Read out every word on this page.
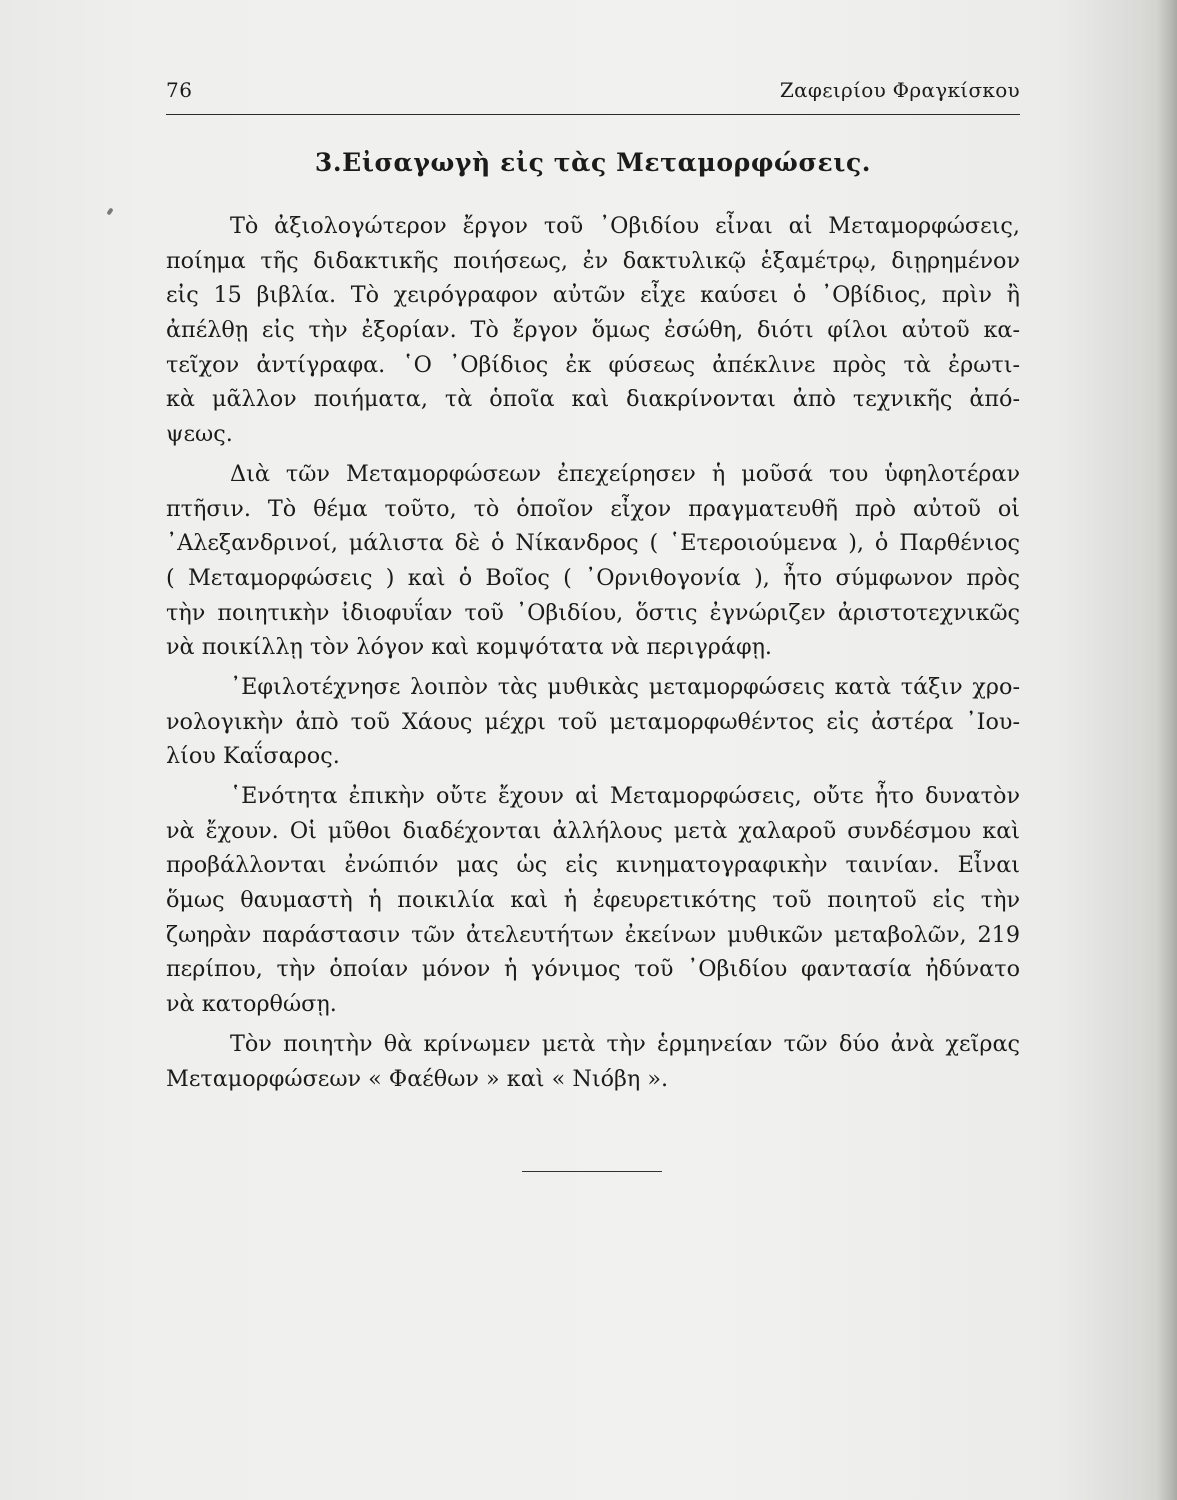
76	Ζαφειρίου Φραγκίσκου
3.Εἰσαγωγὴ εἰς τὰς Μεταμορφώσεις.
Τὸ ἀξιολογώτερον ἔργον τοῦ ᾿Οβιδίου εἶναι αἱ Μεταμορφώσεις,
ποίημα τῆς διδακτικῆς ποιήσεως, ἐν δακτυλικῷ ἑξαμέτρῳ, διῃρημένον
εἰς 15 βιβλία. Τὸ χειρόγραφον αὐτῶν εἶχε καύσει ὁ ᾿Οβίδιος, πρὶν ἢ
ἀπέλθῃ εἰς τὴν ἐξορίαν. Τὸ ἔργον ὅμως ἐσώθη, διότι φίλοι αὐτοῦ κα-
τεῖχον ἀντίγραφα. ῾Ο ᾿Οβίδιος ἐκ φύσεως ἀπέκλινε πρὸς τὰ ἐρωτι-
κὰ μᾶλλον ποιήματα, τὰ ὁποῖα καὶ διακρίνονται ἀπὸ τεχνικῆς ἀπό-
ψεως.
Διὰ τῶν Μεταμορφώσεων ἐπεχείρησεν ἡ μοῦσά του ὑφηλοτέραν
πτῆσιν. Τὸ θέμα τοῦτο, τὸ ὁποῖον εἶχον πραγματευθῆ πρὸ αὐτοῦ οἱ
᾿Αλεξανδρινοί, μάλιστα δὲ ὁ Νίκανδρος ( ῾Ετεροιούμενα ), ὁ Παρθένιος
( Μεταμορφώσεις ) καὶ ὁ Βοῖος ( ᾿Ορνιθογονία ), ἦτο σύμφωνον πρὸς
τὴν ποιητικὴν ἰδιοφυΐαν τοῦ ᾿Οβιδίου, ὅστις ἐγνώριζεν ἀριστοτεχνικῶς
νὰ ποικίλλῃ τὸν λόγον καὶ κομψότατα νὰ περιγράφῃ.
᾿Εφιλοτέχνησε λοιπὸν τὰς μυθικὰς μεταμορφώσεις κατὰ τάξιν χρο-
νολογικὴν ἀπὸ τοῦ Χάους μέχρι τοῦ μεταμορφωθέντος εἰς ἀστέρα ᾿Ιου-
λίου Καΐσαρος.
῾Ενότητα ἐπικὴν οὔτε ἔχουν αἱ Μεταμορφώσεις, οὔτε ἦτο δυνατὸν
νὰ ἔχουν. Οἱ μῦθοι διαδέχονται ἀλλήλους μετὰ χαλαροῦ συνδέσμου καὶ
προβάλλονται ἐνώπιόν μας ὡς εἰς κινηματογραφικὴν ταινίαν. Εἶναι
ὅμως θαυμαστὴ ἡ ποικιλία καὶ ἡ ἐφευρετικότης τοῦ ποιητοῦ εἰς τὴν
ζωηρὰν παράστασιν τῶν ἀτελευτήτων ἐκείνων μυθικῶν μεταβολῶν, 219
περίπου, τὴν ὁποίαν μόνον ἡ γόνιμος τοῦ ᾿Οβιδίου φαντασία ἠδύνατο
νὰ κατορθώσῃ.
Τὸν ποιητὴν θὰ κρίνωμεν μετὰ τὴν ἑρμηνείαν τῶν δύο ἀνὰ χεῖρας
Μεταμορφώσεων « Φαέθων » καὶ « Νιόβη ».
